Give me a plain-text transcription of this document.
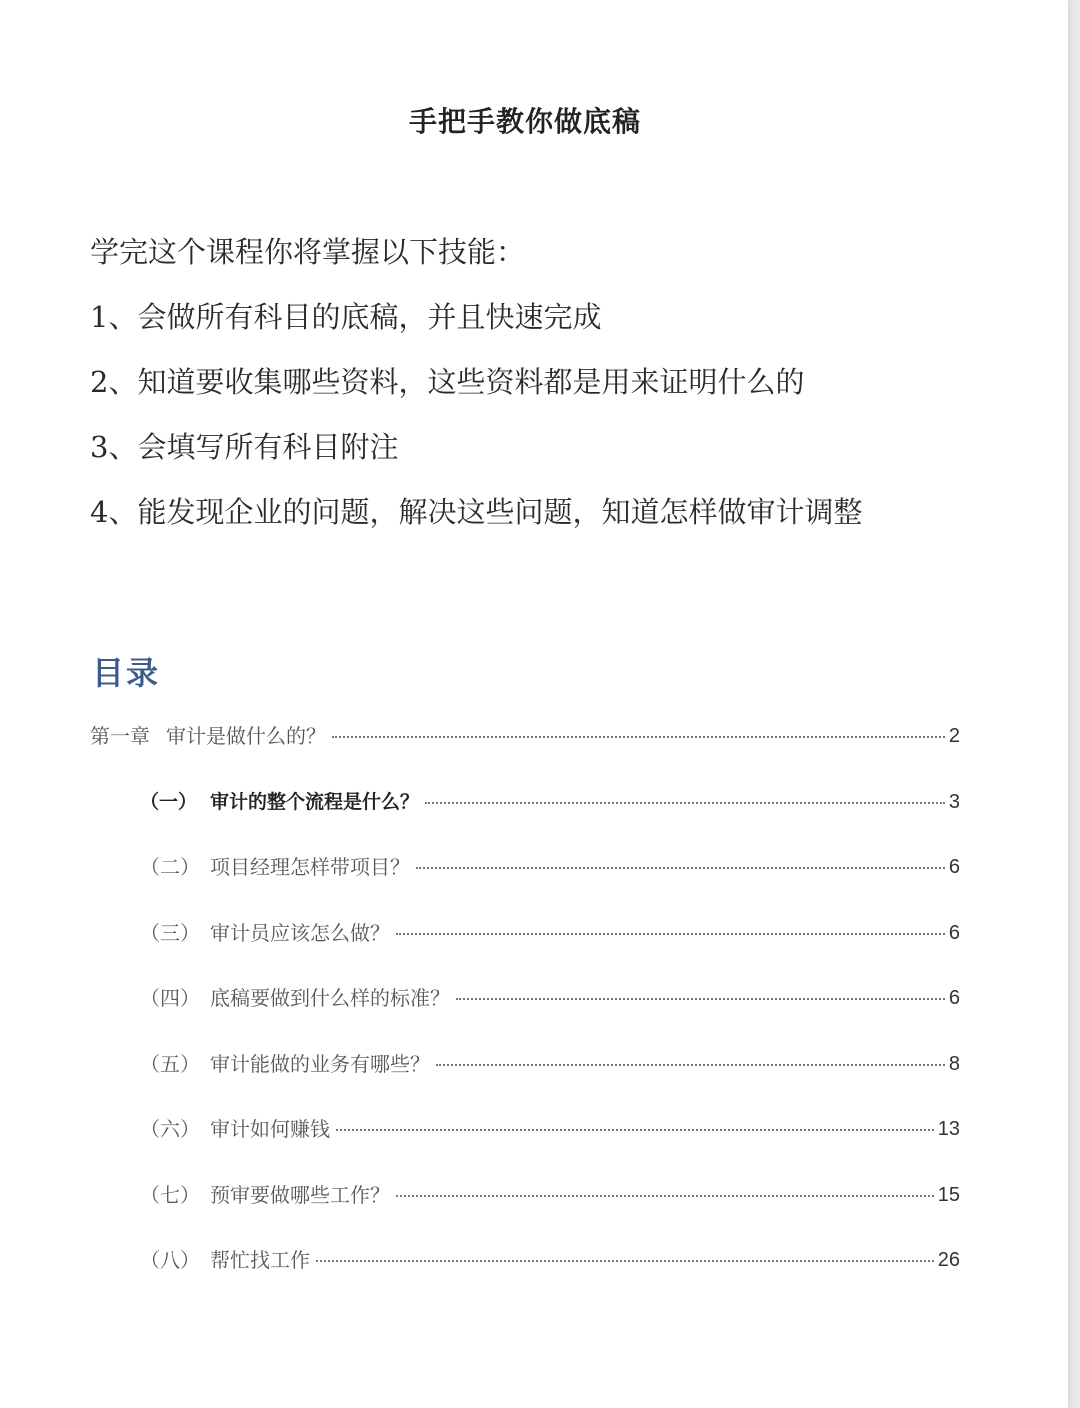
手把手教你做底稿
学完这个课程你将掌握以下技能：
1、会做所有科目的底稿，并且快速完成
2、知道要收集哪些资料，这些资料都是用来证明什么的
3、会填写所有科目附注
4、能发现企业的问题，解决这些问题，知道怎样做审计调整
目录
第一章 审计是做什么的？	2
（一） 审计的整个流程是什么？	3
（二） 项目经理怎样带项目？	6
（三） 审计员应该怎么做？	6
（四） 底稿要做到什么样的标准？	6
（五） 审计能做的业务有哪些？	8
（六） 审计如何赚钱	13
（七） 预审要做哪些工作？	15
（八） 帮忙找工作	26
